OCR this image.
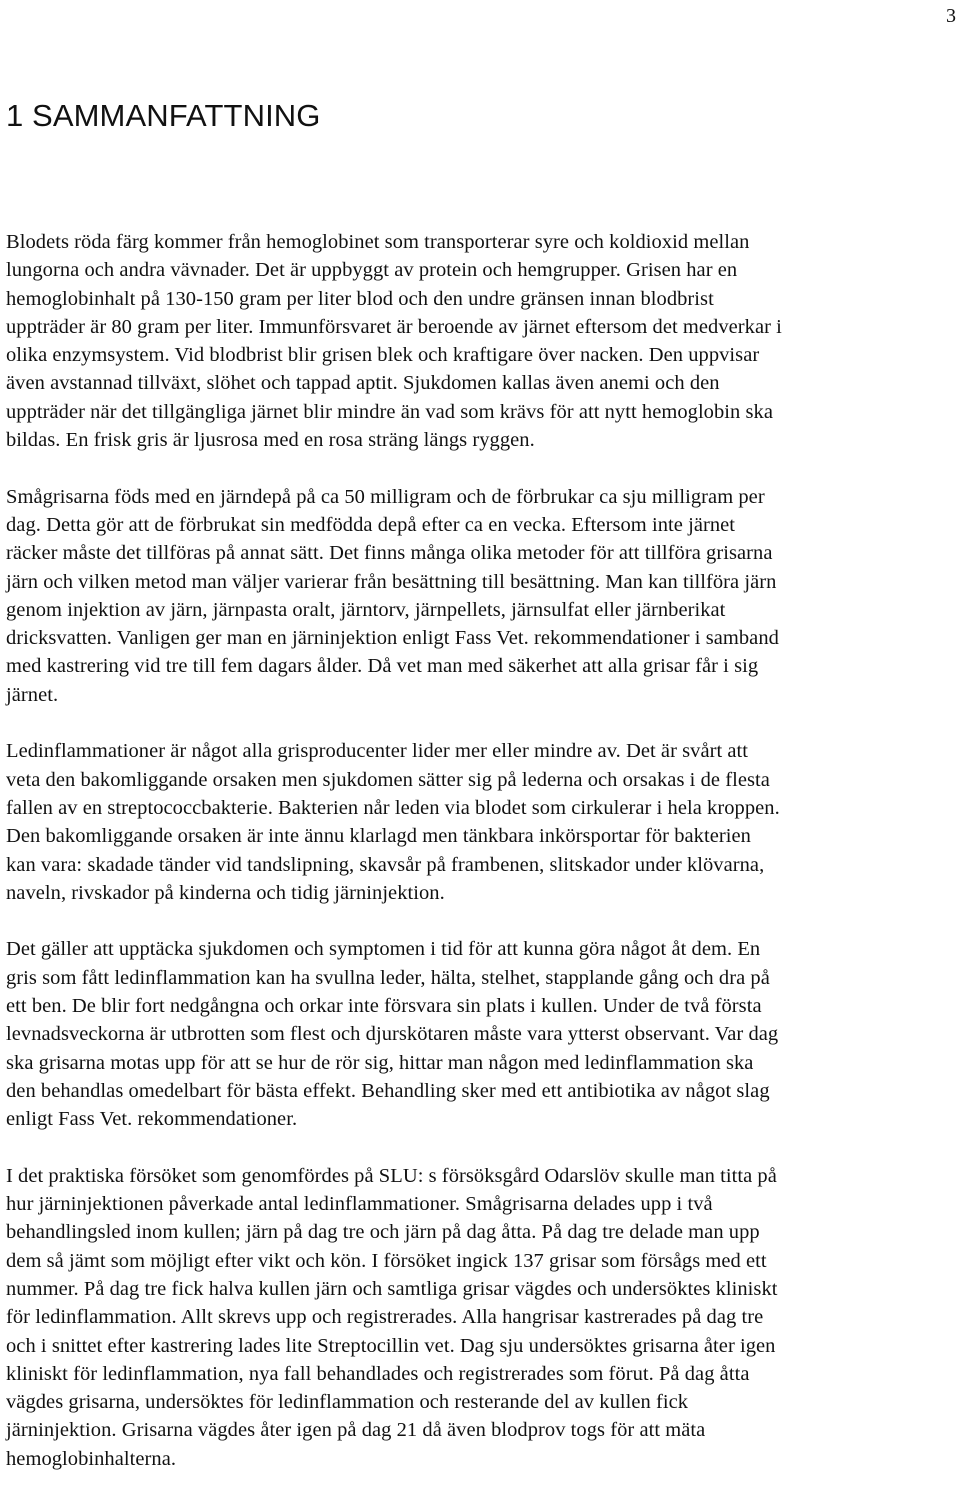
3
1 SAMMANFATTNING

Blodets röda färg kommer från hemoglobinet som transporterar syre och koldioxid mellan
lungorna och andra vävnader. Det är uppbyggt av protein och hemgrupper. Grisen har en
hemoglobinhalt på 130-150 gram per liter blod och den undre gränsen innan blodbrist
uppträder är 80 gram per liter. Immunförsvaret är beroende av järnet eftersom det medverkar i
olika enzymsystem. Vid blodbrist blir grisen blek och kraftigare över nacken. Den uppvisar
även avstannad tillväxt, slöhet och tappad aptit. Sjukdomen kallas även anemi och den
uppträder när det tillgängliga järnet blir mindre än vad som krävs för att nytt hemoglobin ska
bildas. En frisk gris är ljusrosa med en rosa sträng längs ryggen.

Smågrisarna föds med en järndepå på ca 50 milligram och de förbrukar ca sju milligram per
dag. Detta gör att de förbrukat sin medfödda depå efter ca en vecka. Eftersom inte järnet
räcker måste det tillföras på annat sätt. Det finns många olika metoder för att tillföra grisarna
järn och vilken metod man väljer varierar från besättning till besättning. Man kan tillföra järn
genom injektion av järn, järnpasta oralt, järntorv, järnpellets, järnsulfat eller järnberikat
dricksvatten. Vanligen ger man en järninjektion enligt Fass Vet. rekommendationer i samband
med kastrering vid tre till fem dagars ålder. Då vet man med säkerhet att alla grisar får i sig
järnet.

Ledinflammationer är något alla grisproducenter lider mer eller mindre av. Det är svårt att
veta den bakomliggande orsaken men sjukdomen sätter sig på lederna och orsakas i de flesta
fallen av en streptococcbakterie. Bakterien når leden via blodet som cirkulerar i hela kroppen.
Den bakomliggande orsaken är inte ännu klarlagd men tänkbara inkörsportar för bakterien
kan vara: skadade tänder vid tandslipning, skavsår på frambenen, slitskador under klövarna,
naveln, rivskador på kinderna och tidig järninjektion.

Det gäller att upptäcka sjukdomen och symptomen i tid för att kunna göra något åt dem. En
gris som fått ledinflammation kan ha svullna leder, hälta, stelhet, stapplande gång och dra på
ett ben. De blir fort nedgångna och orkar inte försvara sin plats i kullen. Under de två första
levnadsveckorna är utbrotten som flest och djurskötaren måste vara ytterst observant. Var dag
ska grisarna motas upp för att se hur de rör sig, hittar man någon med ledinflammation ska
den behandlas omedelbart för bästa effekt. Behandling sker med ett antibiotika av något slag
enligt Fass Vet. rekommendationer.

I det praktiska försöket som genomfördes på SLU: s försöksgård Odarslöv skulle man titta på
hur järninjektionen påverkade antal ledinflammationer. Smågrisarna delades upp i två
behandlingsled inom kullen; järn på dag tre och järn på dag åtta. På dag tre delade man upp
dem så jämt som möjligt efter vikt och kön. I försöket ingick 137 grisar som försågs med ett
nummer. På dag tre fick halva kullen järn och samtliga grisar vägdes och undersöktes kliniskt
för ledinflammation. Allt skrevs upp och registrerades. Alla hangrisar kastrerades på dag tre
och i snittet efter kastrering lades lite Streptocillin vet. Dag sju undersöktes grisarna åter igen
kliniskt för ledinflammation, nya fall behandlades och registrerades som förut. På dag åtta
vägdes grisarna, undersöktes för ledinflammation och resterande del av kullen fick
järninjektion. Grisarna vägdes åter igen på dag 21 då även blodprov togs för att mäta
hemoglobinhalterna.
